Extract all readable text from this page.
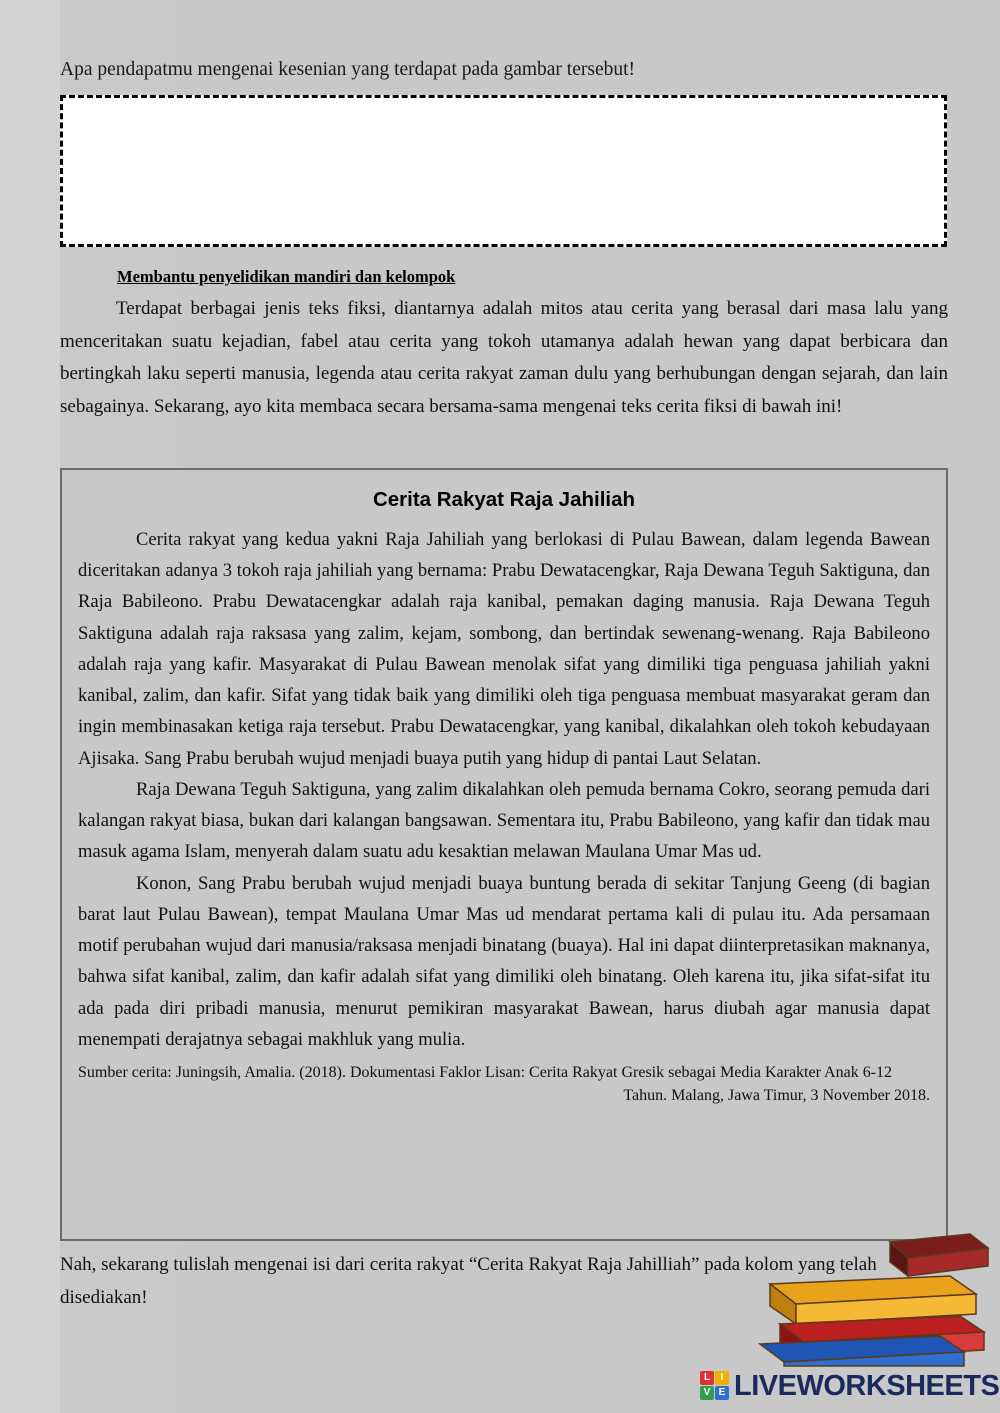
Apa pendapatmu mengenai kesenian yang terdapat pada gambar tersebut!
Membantu penyelidikan mandiri dan kelompok
Terdapat berbagai jenis teks fiksi, diantarnya adalah mitos atau cerita yang berasal dari masa lalu yang menceritakan suatu kejadian, fabel atau cerita yang tokoh utamanya adalah hewan yang dapat berbicara dan bertingkah laku seperti manusia, legenda atau cerita rakyat zaman dulu yang berhubungan dengan sejarah, dan lain sebagainya. Sekarang, ayo kita membaca secara bersama-sama mengenai teks cerita fiksi di bawah ini!
Cerita Rakyat Raja Jahiliah

Cerita rakyat yang kedua yakni Raja Jahiliah yang berlokasi di Pulau Bawean, dalam legenda Bawean diceritakan adanya 3 tokoh raja jahiliah yang bernama: Prabu Dewatacengkar, Raja Dewana Teguh Saktiguna, dan Raja Babileono. Prabu Dewatacengkar adalah raja kanibal, pemakan daging manusia. Raja Dewana Teguh Saktiguna adalah raja raksasa yang zalim, kejam, sombong, dan bertindak sewenang-wenang. Raja Babileono adalah raja yang kafir. Masyarakat di Pulau Bawean menolak sifat yang dimiliki tiga penguasa jahiliah yakni kanibal, zalim, dan kafir. Sifat yang tidak baik yang dimiliki oleh tiga penguasa membuat masyarakat geram dan ingin membinasakan ketiga raja tersebut. Prabu Dewatacengkar, yang kanibal, dikalahkan oleh tokoh kebudayaan Ajisaka. Sang Prabu berubah wujud menjadi buaya putih yang hidup di pantai Laut Selatan.

Raja Dewana Teguh Saktiguna, yang zalim dikalahkan oleh pemuda bernama Cokro, seorang pemuda dari kalangan rakyat biasa, bukan dari kalangan bangsawan. Sementara itu, Prabu Babileono, yang kafir dan tidak mau masuk agama Islam, menyerah dalam suatu adu kesaktian melawan Maulana Umar Mas ud.

Konon, Sang Prabu berubah wujud menjadi buaya buntung berada di sekitar Tanjung Geeng (di bagian barat laut Pulau Bawean), tempat Maulana Umar Mas ud mendarat pertama kali di pulau itu. Ada persamaan motif perubahan wujud dari manusia/raksasa menjadi binatang (buaya). Hal ini dapat diinterpretasikan maknanya, bahwa sifat kanibal, zalim, dan kafir adalah sifat yang dimiliki oleh binatang. Oleh karena itu, jika sifat-sifat itu ada pada diri pribadi manusia, menurut pemikiran masyarakat Bawean, harus diubah agar manusia dapat menempati derajatnya sebagai makhluk yang mulia.

Sumber cerita: Juningsih, Amalia. (2018). Dokumentasi Faklor Lisan: Cerita Rakyat Gresik sebagai Media Karakter Anak 6-12
Tahun. Malang, Jawa Timur, 3 November 2018.
Nah, sekarang tulislah mengenai isi dari cerita rakyat “Cerita Rakyat Raja Jahilliah” pada kolom yang telah disediakan!
L	I
V E LIVEWORKSHEETS
